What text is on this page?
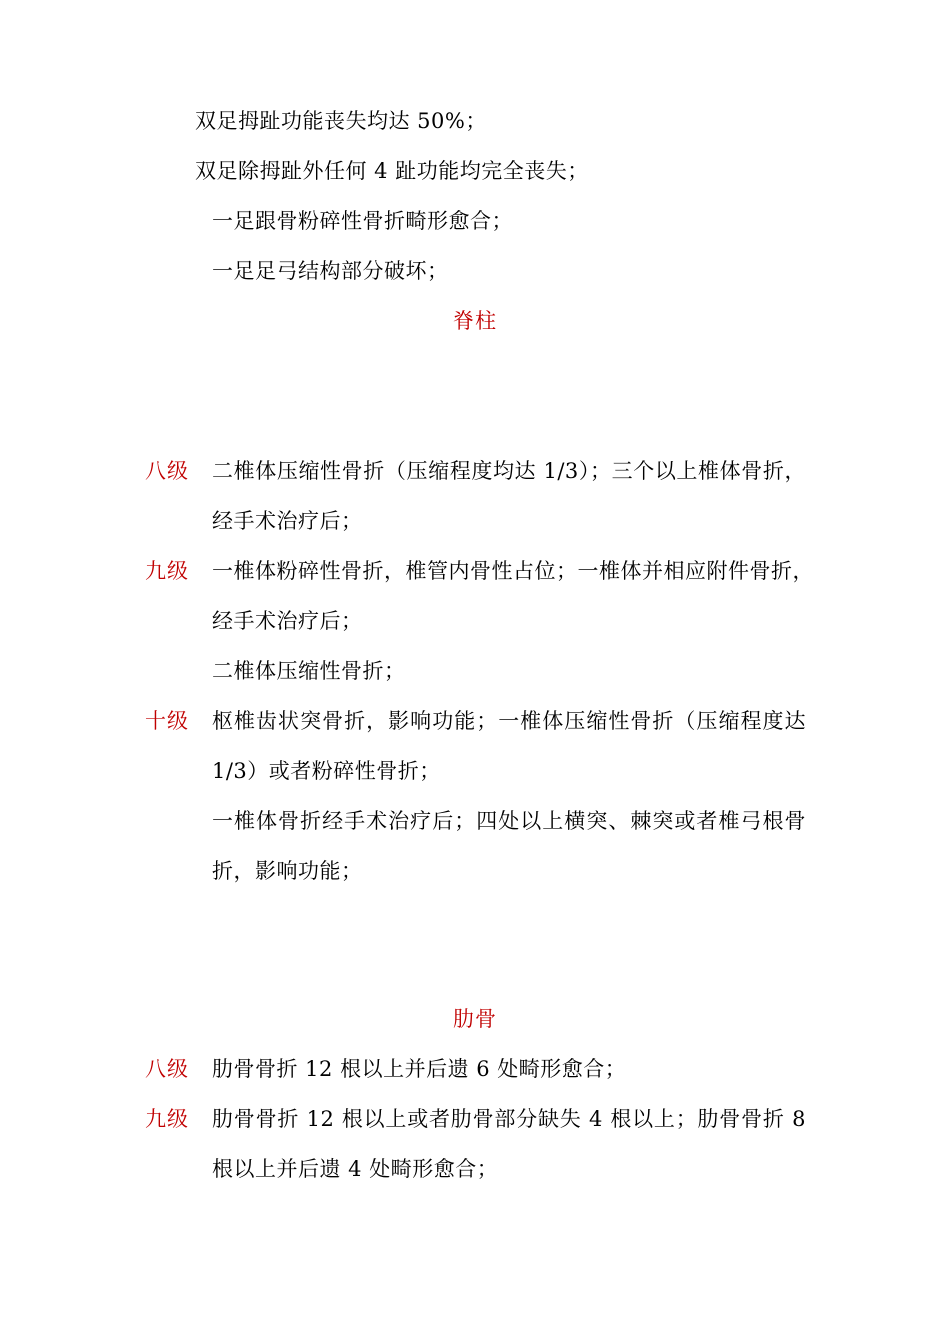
双足拇趾功能丧失均达 50%；
双足除拇趾外任何 4 趾功能均完全丧失；
一足跟骨粉碎性骨折畸形愈合；
一足足弓结构部分破坏；
脊柱
八级 二椎体压缩性骨折（压缩程度均达 1/3）；三个以上椎体骨折，
经手术治疗后；
九级 一椎体粉碎性骨折，椎管内骨性占位；一椎体并相应附件骨折，
经手术治疗后；
二椎体压缩性骨折；
十级 枢椎齿状突骨折，影响功能；一椎体压缩性骨折（压缩程度达
1/3）或者粉碎性骨折；
一椎体骨折经手术治疗后；四处以上横突、棘突或者椎弓根骨
折，影响功能；
肋骨
八级 肋骨骨折 12 根以上并后遗 6 处畸形愈合；
九级 肋骨骨折 12 根以上或者肋骨部分缺失 4 根以上；肋骨骨折 8
根以上并后遗 4 处畸形愈合；
